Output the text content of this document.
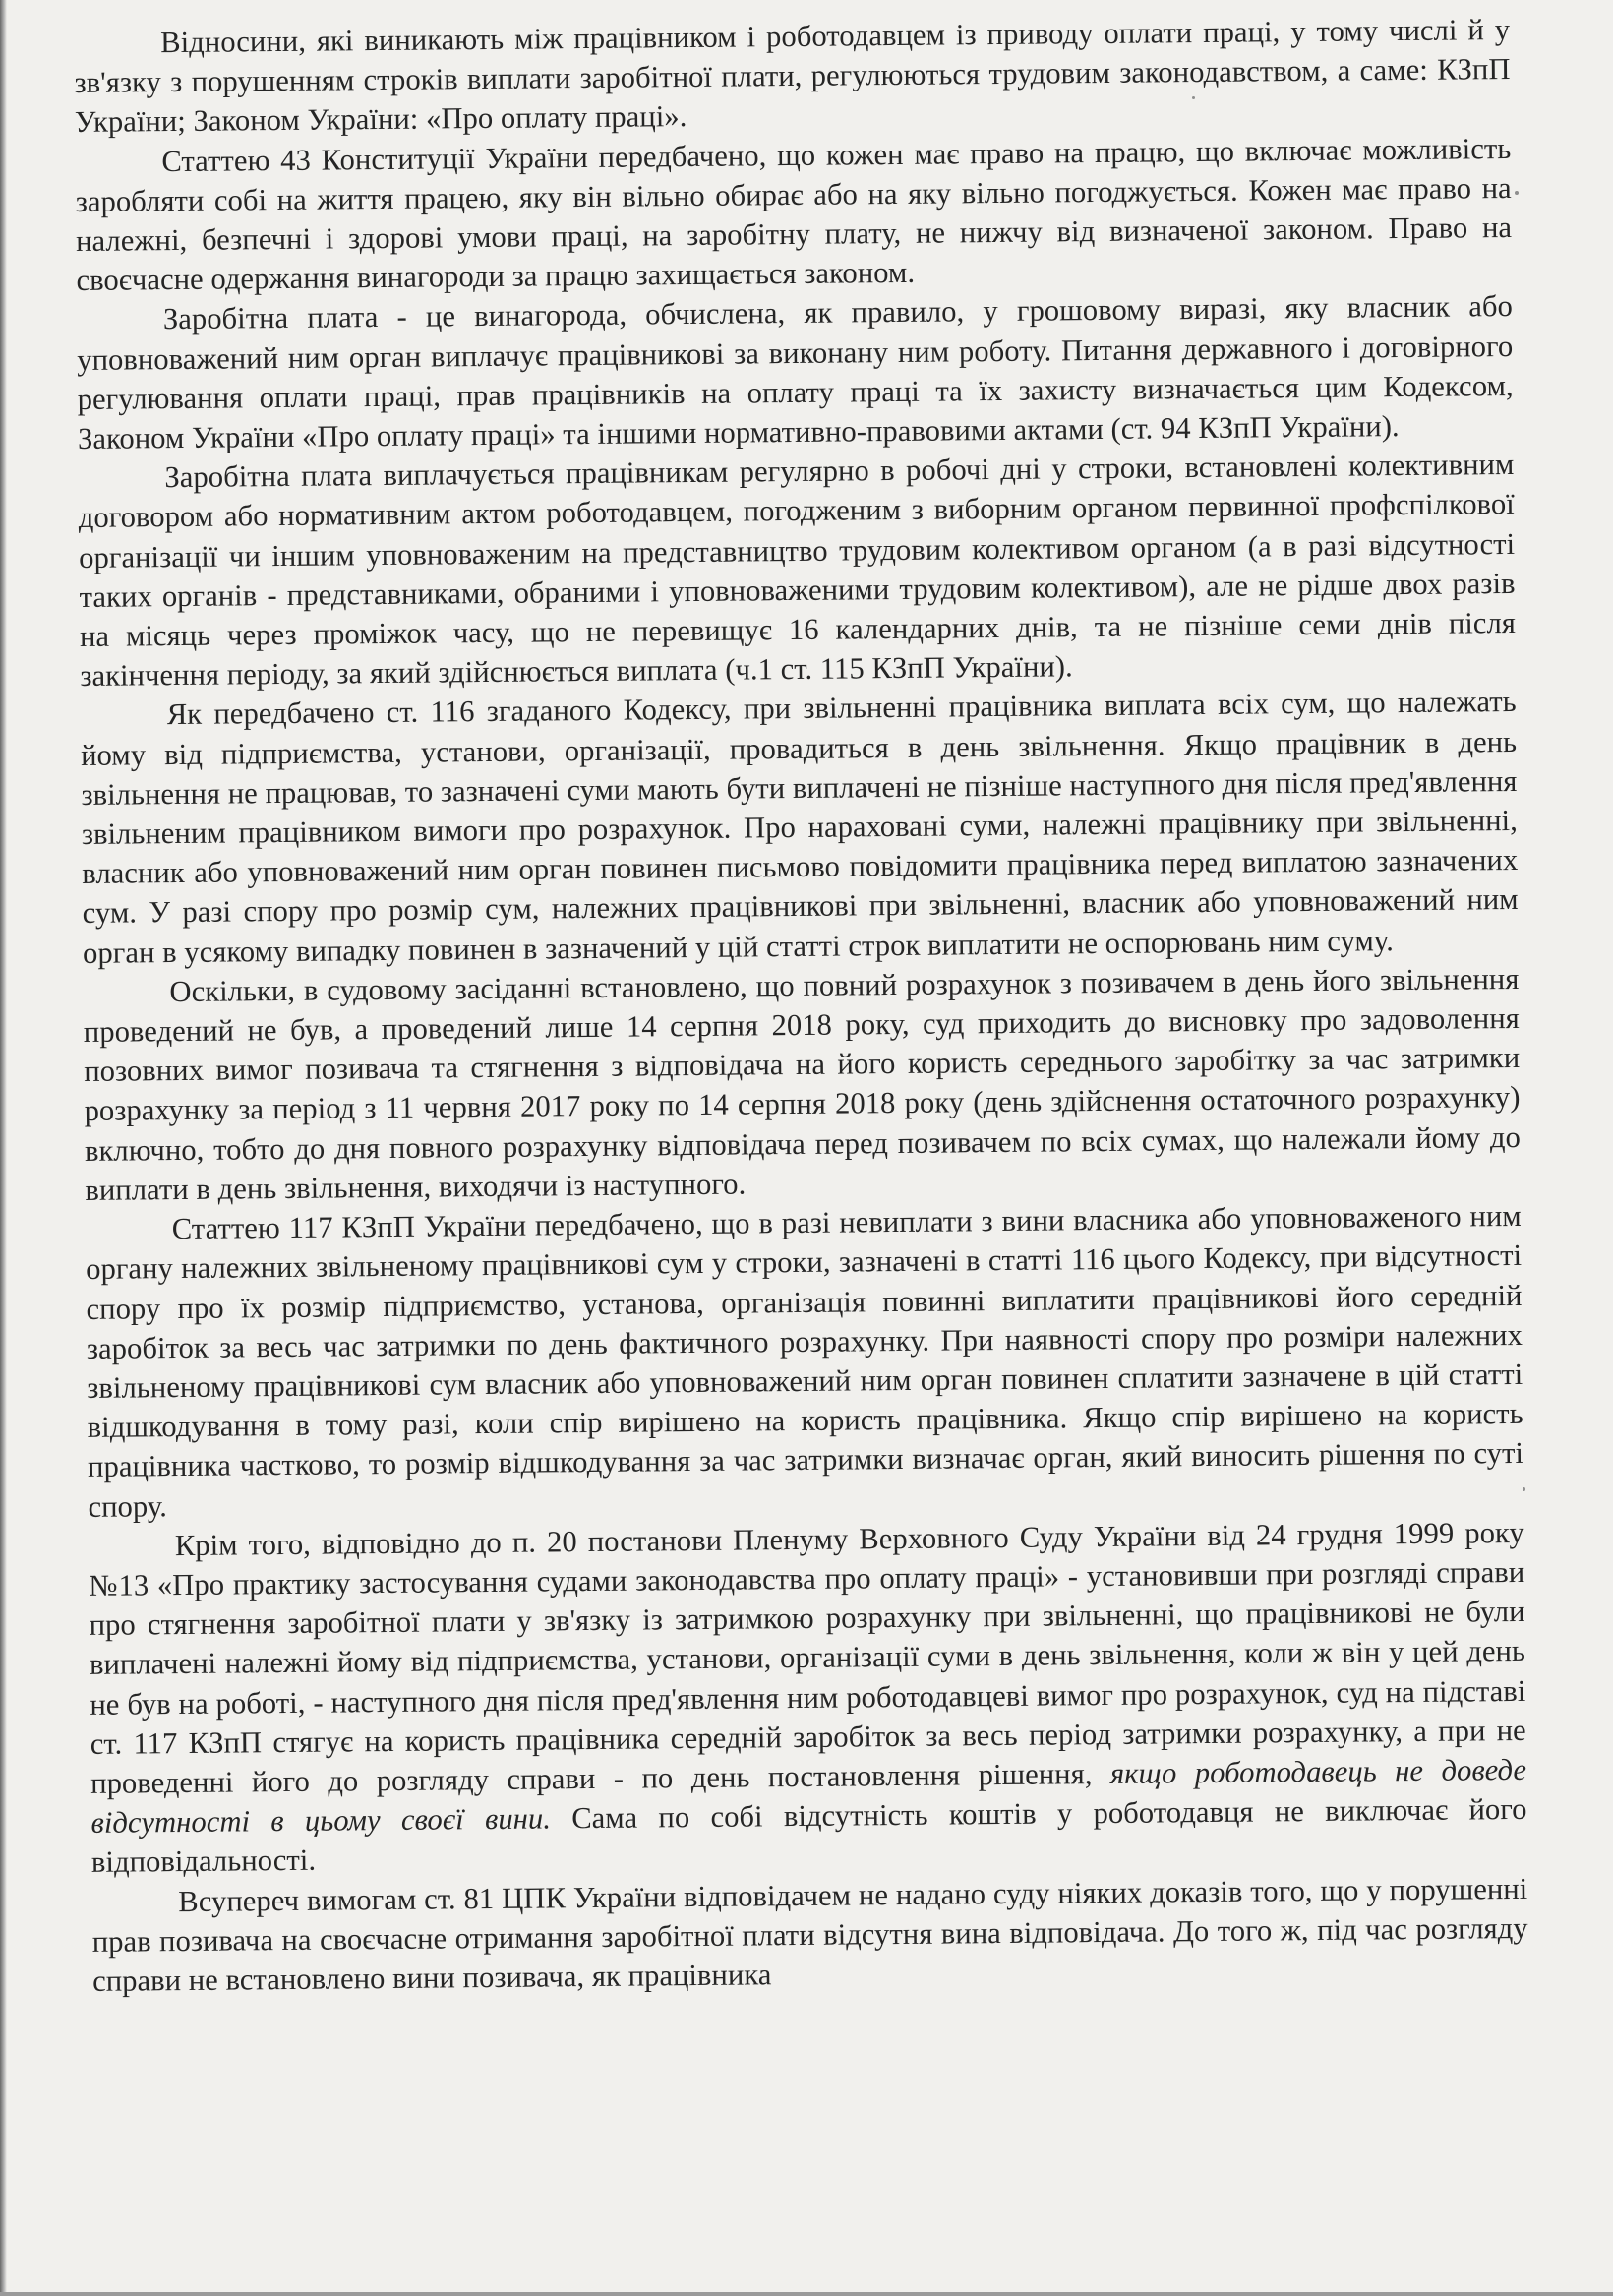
Відносини, які виникають між працівником і роботодавцем із приводу оплати праці, у тому числі й у зв'язку з порушенням строків виплати заробітної плати, регулюються трудовим законодавством, а саме: КЗпП України; Законом України: «Про оплату праці».

Статтею 43 Конституції України передбачено, що кожен має право на працю, що включає можливість заробляти собі на життя працею, яку він вільно обирає або на яку вільно погоджується. Кожен має право на належні, безпечні і здорові умови праці, на заробітну плату, не нижчу від визначеної законом. Право на своєчасне одержання винагороди за працю захищається законом.

Заробітна плата - це винагорода, обчислена, як правило, у грошовому виразі, яку власник або уповноважений ним орган виплачує працівникові за виконану ним роботу. Питання державного і договірного регулювання оплати праці, прав працівників на оплату праці та їх захисту визначається цим Кодексом, Законом України «Про оплату праці» та іншими нормативно-правовими актами (ст. 94 КЗпП України).

Заробітна плата виплачується працівникам регулярно в робочі дні у строки, встановлені колективним договором або нормативним актом роботодавцем, погодженим з виборним органом первинної профспілкової організації чи іншим уповноваженим на представництво трудовим колективом органом (а в разі відсутності таких органів - представниками, обраними і уповноваженими трудовим колективом), але не рідше двох разів на місяць через проміжок часу, що не перевищує 16 календарних днів, та не пізніше семи днів після закінчення періоду, за який здійснюється виплата (ч.1 ст. 115 КЗпП України).

Як передбачено ст. 116 згаданого Кодексу, при звільненні працівника виплата всіх сум, що належать йому від підприємства, установи, організації, провадиться в день звільнення. Якщо працівник в день звільнення не працював, то зазначені суми мають бути виплачені не пізніше наступного дня після пред'явлення звільненим працівником вимоги про розрахунок. Про нараховані суми, належні працівнику при звільненні, власник або уповноважений ним орган повинен письмово повідомити працівника перед виплатою зазначених сум. У разі спору про розмір сум, належних працівникові при звільненні, власник або уповноважений ним орган в усякому випадку повинен в зазначений у цій статті строк виплатити не оспорювань ним суму.

Оскільки, в судовому засіданні встановлено, що повний розрахунок з позивачем в день його звільнення проведений не був, а проведений лише 14 серпня 2018 року, суд приходить до висновку про задоволення позовних вимог позивача та стягнення з відповідача на його користь середнього заробітку за час затримки розрахунку за період з 11 червня 2017 року по 14 серпня 2018 року (день здійснення остаточного розрахунку) включно, тобто до дня повного розрахунку відповідача перед позивачем по всіх сумах, що належали йому до виплати в день звільнення, виходячи із наступного.

Статтею 117 КЗпП України передбачено, що в разі невиплати з вини власника або уповноваженого ним органу належних звільненому працівникові сум у строки, зазначені в статті 116 цього Кодексу, при відсутності спору про їх розмір підприємство, установа, організація повинні виплатити працівникові його середній заробіток за весь час затримки по день фактичного розрахунку. При наявності спору про розміри належних звільненому працівникові сум власник або уповноважений ним орган повинен сплатити зазначене в цій статті відшкодування в тому разі, коли спір вирішено на користь працівника. Якщо спір вирішено на користь працівника частково, то розмір відшкодування за час затримки визначає орган, який виносить рішення по суті спору.

Крім того, відповідно до п. 20 постанови Пленуму Верховного Суду України від 24 грудня 1999 року №13 «Про практику застосування судами законодавства про оплату праці» - установивши при розгляді справи про стягнення заробітної плати у зв'язку із затримкою розрахунку при звільненні, що працівникові не були виплачені належні йому від підприємства, установи, організації суми в день звільнення, коли ж він у цей день не був на роботі, - наступного дня після пред'явлення ним роботодавцеві вимог про розрахунок, суд на підставі ст. 117 КЗпП стягує на користь працівника середній заробіток за весь період затримки розрахунку, а при не проведенні його до розгляду справи - по день постановлення рішення, якщо роботодавець не доведе відсутності в цьому своєї вини. Сама по собі відсутність коштів у роботодавця не виключає його відповідальності.

Всупереч вимогам ст. 81 ЦПК України відповідачем не надано суду ніяких доказів того, що у порушенні прав позивача на своєчасне отримання заробітної плати відсутня вина відповідача. До того ж, під час розгляду справи не встановлено вини позивача, як працівника
